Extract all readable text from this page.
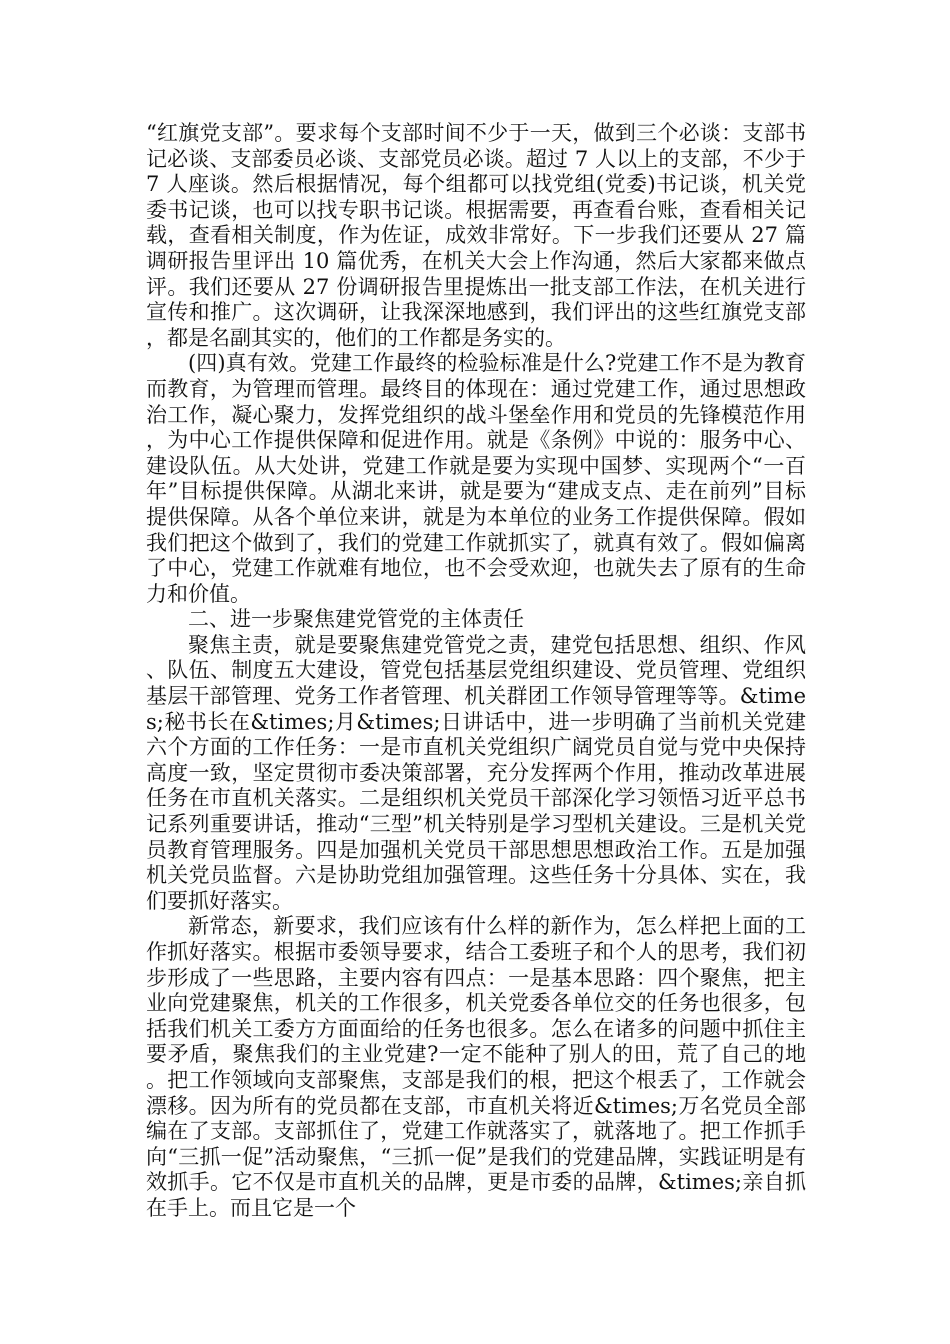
“红旗党支部”。要求每个支部时间不少于一天，做到三个必谈：支部书记必谈、支部委员必谈、支部党员必谈。超过 7 人以上的支部，不少于 7 人座谈。然后根据情况，每个组都可以找党组(党委)书记谈，机关党委书记谈，也可以找专职书记谈。根据需要，再查看台账，查看相关记载，查看相关制度，作为佐证，成效非常好。下一步我们还要从 27 篇调研报告里评出 10 篇优秀，在机关大会上作沟通，然后大家都来做点评。我们还要从 27 份调研报告里提炼出一批支部工作法，在机关进行宣传和推广。这次调研，让我深深地感到，我们评出的这些红旗党支部，都是名副其实的，他们的工作都是务实的。

(四)真有效。党建工作最终的检验标准是什么?党建工作不是为教育而教育，为管理而管理。最终目的体现在：通过党建工作，通过思想政治工作，凝心聚力，发挥党组织的战斗堡垒作用和党员的先锋模范作用，为中心工作提供保障和促进作用。就是《条例》中说的：服务中心、建设队伍。从大处讲，党建工作就是要为实现中国梦、实现两个“一百年”目标提供保障。从湖北来讲，就是要为“建成支点、走在前列”目标提供保障。从各个单位来讲，就是为本单位的业务工作提供保障。假如我们把这个做到了，我们的党建工作就抓实了，就真有效了。假如偏离了中心，党建工作就难有地位，也不会受欢迎，也就失去了原有的生命力和价值。

二、进一步聚焦建党管党的主体责任

聚焦主责，就是要聚焦建党管党之责，建党包括思想、组织、作风、队伍、制度五大建设，管党包括基层党组织建设、党员管理、党组织基层干部管理、党务工作者管理、机关群团工作领导管理等等。&times;秘书长在&times;月&times;日讲话中，进一步明确了当前机关党建六个方面的工作任务：一是市直机关党组织广阔党员自觉与党中央保持高度一致，坚定贯彻市委决策部署，充分发挥两个作用，推动改革进展任务在市直机关落实。二是组织机关党员干部深化学习领悟习近平总书记系列重要讲话，推动“三型”机关特别是学习型机关建设。三是机关党员教育管理服务。四是加强机关党员干部思想思想政治工作。五是加强机关党员监督。六是协助党组加强管理。这些任务十分具体、实在，我们要抓好落实。

新常态，新要求，我们应该有什么样的新作为，怎么样把上面的工作抓好落实。根据市委领导要求，结合工委班子和个人的思考，我们初步形成了一些思路，主要内容有四点：一是基本思路：四个聚焦，把主业向党建聚焦，机关的工作很多，机关党委各单位交的任务也很多，包括我们机关工委方方面面给的任务也很多。怎么在诸多的问题中抓住主要矛盾，聚焦我们的主业党建?一定不能种了别人的田，荒了自己的地。把工作领域向支部聚焦，支部是我们的根，把这个根丢了，工作就会漂移。因为所有的党员都在支部，市直机关将近&times;万名党员全部编在了支部。支部抓住了，党建工作就落实了，就落地了。把工作抓手向“三抓一促”活动聚焦，“三抓一促”是我们的党建品牌，实践证明是有效抓手。它不仅是市直机关的品牌，更是市委的品牌，&times;亲自抓在手上。而且它是一个
